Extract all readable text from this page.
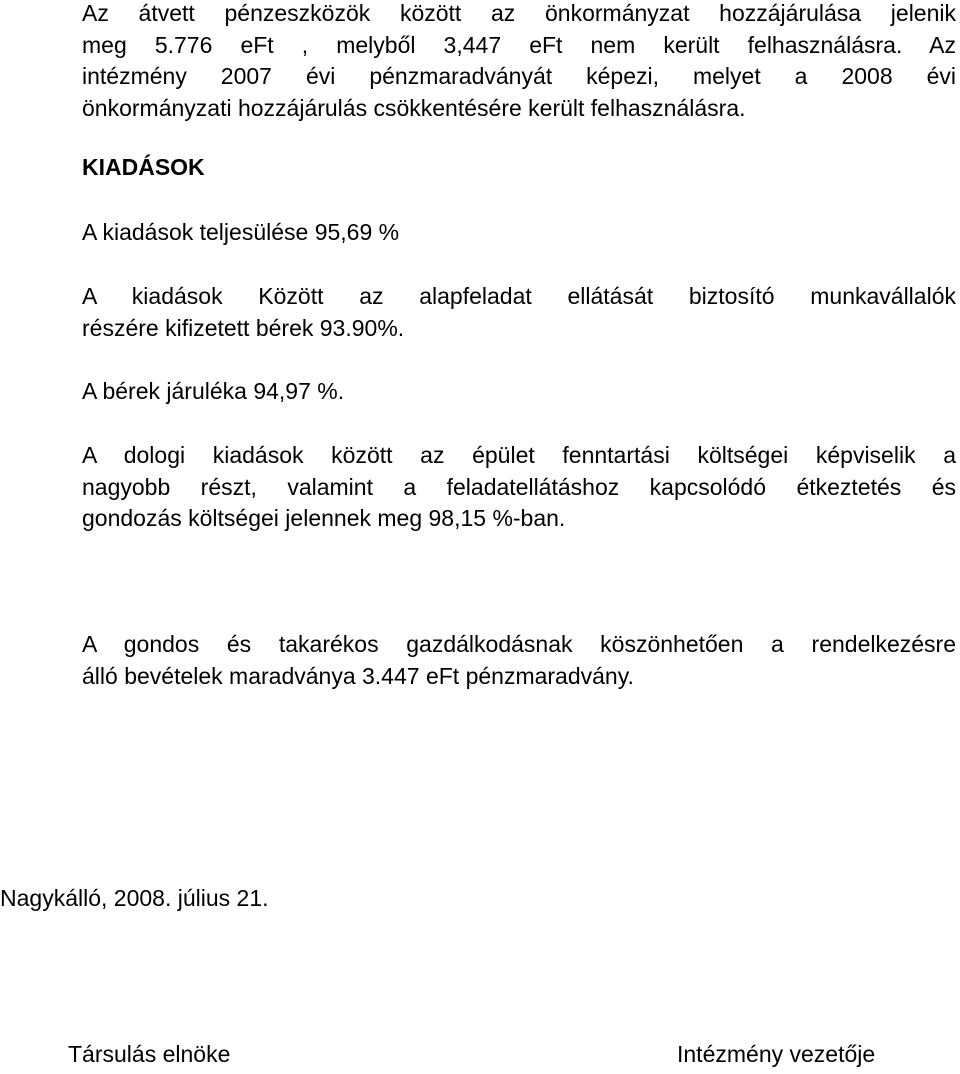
Az átvett pénzeszközök között az önkormányzat hozzájárulása jelenik
meg 5.776 eFt , melyből 3,447 eFt nem került felhasználásra. Az
intézmény 2007 évi pénzmaradványát képezi, melyet a 2008 évi
önkormányzati hozzájárulás csökkentésére került felhasználásra.

KIADÁSOK

A kiadások teljesülése 95,69 %

A kiadások Között az alapfeladat ellátását biztosító munkavállalók
részére kifizetett bérek 93.90%.

A bérek járuléka 94,97 %.

A dologi kiadások között az épület fenntartási költségei képviselik a
nagyobb részt, valamint a feladatellátáshoz kapcsolódó étkeztetés és
gondozás költségei jelennek meg 98,15 %-ban.
A gondos és takarékos gazdálkodásnak köszönhetően a rendelkezésre
álló bevételek maradványa 3.447 eFt pénzmaradvány.

Nagykálló, 2008. július 21.

Társulás elnöke	Intézmény vezetője
